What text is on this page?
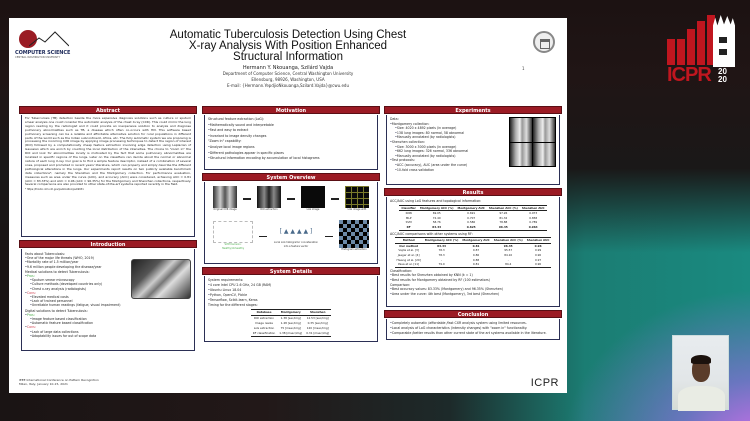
COMPUTER SCIENCE
CENTRAL WASHINGTON UNIVERSITY
Automatic Tuberculosis Detection Using Chest
X-ray Analysis With Position Enhanced
Structural Information
Hermann Y. Nkouanga, Szilárd Vajda
Department of Computer Science, Central Washington University
Ellensburg, 98926, Washington, USA
E-mail: {Hermann.YepdjioNkouanga,Szilard.Vajda}@cwu.edu
1
Abstract
For Tuberculosis (TB) detection beside the more expensive diagnosis solutions such as culture or sputum smear analysis one could consider the automatic analysis of the chest X-ray (CXR). This could mimic the lung region reading by the radiologist and it could provide an inexpensive solution to analyze and diagnose pulmonary abnormalities such as TB, a disease which often co-occurs with HIV. This software based pulmonary screening can be a reliable and affordable alternative solution for rural populations in different parts of the world such as the Indian subcontinent, Africa, etc. The fully automatic system we are proposing is processing the incoming CXR image by applying image processing techniques to detect the region of interest (ROI) followed by a computationally cheap feature extraction involving edge detection using Laplacian of Gaussian which are enrich by counting the local distribution of the intensities. The choice to "zoom in" the ROI and look for abnormalities locally is motivated by the fact that some pulmonary abnormalities are localized in specific regions of the lungs. Later on the classifiers can decide about the normal or abnormal nature of each lung X-ray. Our goal is to find a simple feature descriptor, instead of a combination of several ones, proposed and promoted in recent years' literature, which can properly and simply describe the different pathological alterations in the lungs. Our experiments report results on two publicly available benchmark data collections*, namely the Shenzhen and the Montgomery collection. For performance evaluation, measures such as area under the curve (AUC), and accuracy (ACC) were considered, achieving AUC = 0.81 (ACC = 83.33%) and AUC = 0.96 (ACC = 96.35%) for the Montgomery and Shenzhen collections, respectively. Several comparisons are also provided to other state-of-the-art systems reported recently in the field.
* https://lhncbc.nlm.nih.gov/publication/pub9931
Introduction
Facts about Tuberculosis:
• One of the major life threats (WHO, 2019)
• Mortality rate of 1.5 million/year
• 9.6 million people developing the disease/year
Medical solutions to detect Tuberculosis:
• Pros:
• Sputum smear microscopy
• Culture methods (developed countries only)
• Chest x-ray analysis (radiologists)
• Cons:
• Elevated medical costs
• Lack of trained personnel
• Unreliable human readings (fatigue, visual impairment)
Digital solutions to detect Tuberculosis:
• Pros:
• Image feature based classification
• Automatic feature based classification
• Cons:
• Lack of large data collections
• Adaptability issues for out of scope data
Motivation
Structural feature extraction (LoG):
• Mathematically sound and interpretable
• Fast and easy to extract
• Invariant to image density changes
"Zoom in" capability:
• Analyze local image regions
• Different pathologies appear in specific places
• Structural information encoding by accumulation of local histograms
System Overview
Original CXR image	ROI extraction	LoG image	LoG image with
SVM Decision: Healthy/Unhealthy
[ ▲ ▲ ▲ ▲ ]
Local LoG histograms' concatenation into a feature vector
Histogram extraction
System Details
System requirements:
• 4 core Intel CPU 2.6 GHz, 24 GB (RAM)
• Ubuntu Linux 18.04
• Python, OpenCV, Pickle
• Tensorflow, Scikit-learn, Keras
Timing for the different stages:
Database	Montgomery	Shenzhen
ROI extraction	1.38 [sec/img]	12.53 [sec/img]
Image resize	1.48 [sec/img]	0.35 [sec/img]
LoG extraction	75 [msec/img]	120 [msec/img]
RF classification	1.38 [msec/img]	0.31 [msec/img]
Experiments
Data:
• Montgomery collection:
• Size: 4020 x 4892 pixels (in average)
• 138 lung images: 80 normal, 58 abnormal
• Manually annotated (by radiologists)
• Shenzhen collection:
• Size: 3000 x 3000 pixels (in average)
• 662 lung images: 326 normal, 336 abnormal
• Manually annotated (by radiologists)
• Test protocols:
• ACC (accuracy), AUC (area under the curve)
• 10-fold cross validation
Results
ACC/AUC using LoG features and topological information:
Classifier	Montgomery ACC (%)	Montgomery AUC	Shenzhen ACC (%)	Shenzhen AUC
KNN	69.05	0.691	97.26	0.973
MLP	72.40	0.707	81.32	0.858
SVM	58.76	0.586	78.88	0.789
RF	83.33	0.825	96.35	0.964
ACC/AUC comparisons with other systems using RF:
Method	Montgomery ACC (%)	Montgomery AUC	Shenzhen ACC (%)	Shenzhen AUC
Our method	83.33	0.81	96.35	0.96
Vajda et al. [3]	78.3	0.87	95.57	0.99
Jaeger et al. [4]	78.3	0.86	84.10	0.90
Hwang et al. [20]	-	0.88	-	0.97
Pasa et al. [11]	79.0	0.81	84.4	0.90
Classification:
• Best results for Shenzhen obtained by KNN (k = 1)
• Best results for Montgomery obtained by RF (100 estimators)
Comparison:
• Best accuracy values: 83.33% (Montgomery) and 96.35% (Shenzhen)
• Area under the curve: 4th best (Montgomery), 3rd best (Shenzhen)
Conclusion
• Completely automatic /affordable /fast CXR analysis system using limited resources.
• Local analysis of LoG characteristics (intensity changes) with "zoom in" functionality.
• Comparable /better results than other current state of the art systems available in the literature.
IEEE International Conference on Pattern Recognition
Milan, Italy, January 10-15, 2021	ICPR
ICPR 20
20
